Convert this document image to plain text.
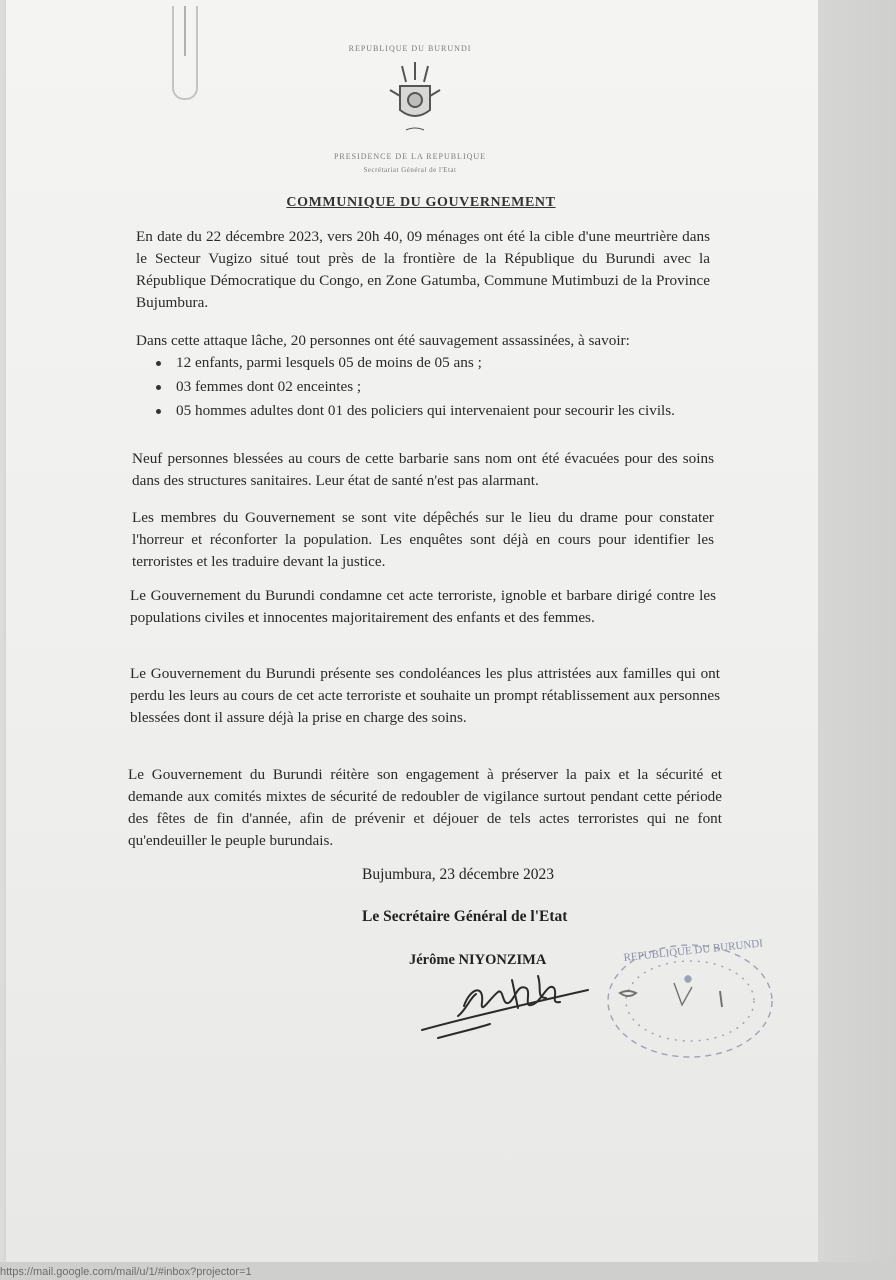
https://mail.google.com/mail/u/1/#inbox?projector=1
REPUBLIQUE DU BURUNDI
PRESIDENCE DE LA REPUBLIQUE
Secrétariat Général de l'Etat
COMMUNIQUE DU GOUVERNEMENT

En date du 22 décembre 2023, vers 20h 40, 09 ménages ont été la cible d'une meurtrière dans le Secteur Vugizo situé tout près de la frontière de la République du Burundi avec la République Démocratique du Congo, en Zone Gatumba, Commune Mutimbuzi de la Province Bujumbura.

Dans cette attaque lâche, 20 personnes ont été sauvagement assassinées, à savoir:

12 enfants, parmi lesquels 05 de moins de 05 ans ;
03 femmes dont 02 enceintes ;
05 hommes adultes dont 01 des policiers qui intervenaient pour secourir les civils.

Neuf personnes blessées au cours de cette barbarie sans nom ont été évacuées pour des soins dans des structures sanitaires. Leur état de santé n'est pas alarmant.

Les membres du Gouvernement se sont vite dépêchés sur le lieu du drame pour constater l'horreur et réconforter la population. Les enquêtes sont déjà en cours pour identifier les terroristes et les traduire devant la justice.

Le Gouvernement du Burundi condamne cet acte terroriste, ignoble et barbare dirigé contre les populations civiles et innocentes majoritairement des enfants et des femmes.

Le Gouvernement du Burundi présente ses condoléances les plus attristées aux familles qui ont perdu les leurs au cours de cet acte terroriste et souhaite un prompt rétablissement aux personnes blessées dont il assure déjà la prise en charge des soins.

Le Gouvernement du Burundi réitère son engagement à préserver la paix et la sécurité et demande aux comités mixtes de sécurité de redoubler de vigilance surtout pendant cette période des fêtes de fin d'année, afin de prévenir et déjouer de tels actes terroristes qui ne font qu'endeuiller le peuple burundais.

Bujumbura, 23 décembre 2023
Le Secrétaire Général de l'Etat
Jérôme NIYONZIMA	REPUBLIQUE DU BURUNDI
